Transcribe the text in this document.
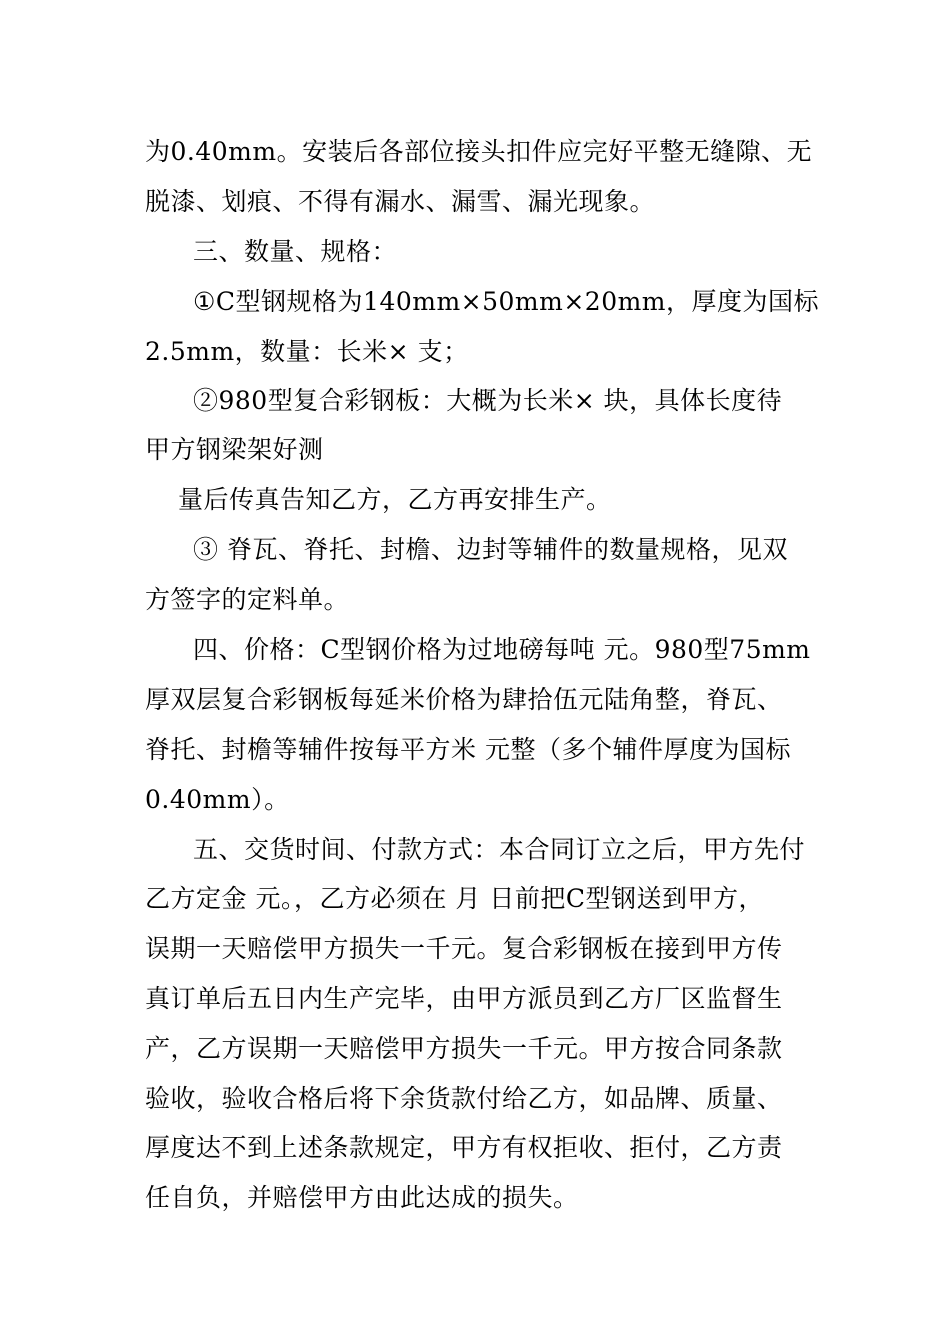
为0.40mm。安装后各部位接头扣件应完好平整无缝隙、无
脱漆、划痕、不得有漏水、漏雪、漏光现象。
三、数量、规格：
①C型钢规格为140mm×50mm×20mm，厚度为国标
2.5mm，数量：长米× 支；
②980型复合彩钢板：大概为长米× 块，具体长度待
甲方钢梁架好测
量后传真告知乙方，乙方再安排生产。
③ 脊瓦、脊托、封檐、边封等辅件的数量规格，见双
方签字的定料单。
四、价格：C型钢价格为过地磅每吨 元。980型75mm
厚双层复合彩钢板每延米价格为肆拾伍元陆角整，脊瓦、
脊托、封檐等辅件按每平方米 元整（多个辅件厚度为国标
0.40mm）。
五、交货时间、付款方式：本合同订立之后，甲方先付
乙方定金 元。，乙方必须在 月 日前把C型钢送到甲方，
误期一天赔偿甲方损失一千元。复合彩钢板在接到甲方传
真订单后五日内生产完毕，由甲方派员到乙方厂区监督生
产，乙方误期一天赔偿甲方损失一千元。甲方按合同条款
验收，验收合格后将下余货款付给乙方，如品牌、质量、
厚度达不到上述条款规定，甲方有权拒收、拒付，乙方责
任自负，并赔偿甲方由此达成的损失。
